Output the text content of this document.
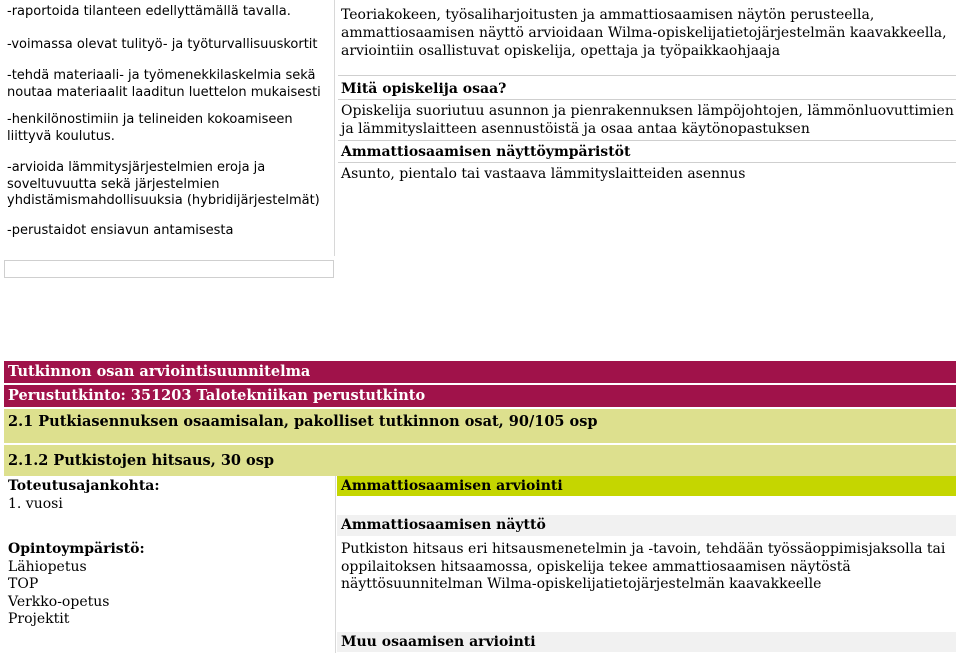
-raportoida tilanteen edellyttämällä tavalla.

-voimassa olevat tulityö- ja työturvallisuuskortit

-tehdä materiaali- ja työmenekkilaskelmia sekä noutaa materiaalit laaditun luettelon mukaisesti

-henkilönostimiin ja telineiden kokoamiseen liittyvä koulutus.

-arvioida lämmitysjärjestelmien eroja ja soveltuvuutta sekä järjestelmien yhdistämismahdollisuuksia (hybridijärjestelmät)

-perustaidot ensiavun antamisesta

Teoriakokeen, työsaliharjoitusten ja ammattiosaamisen näytön perusteella, ammattiosaamisen näyttö arvioidaan Wilma-opiskelijatietojärjestelmän kaavakkeella, arviointiin osallistuvat opiskelija, opettaja ja työpaikkaohjaaja

Mitä opiskelija osaa?

Opiskelija suoriutuu asunnon ja pienrakennuksen lämpöjohtojen, lämmönluovuttimien ja lämmityslaitteen asennustöistä ja osaa antaa käytönopastuksen

Ammattiosaamisen näyttöympäristöt

Asunto, pientalo tai vastaava lämmityslaitteiden asennus

Tutkinnon osan arviointisuunnitelma
Perustutkinto: 351203 Talotekniikan perustutkinto
2.1 Putkiasennuksen osaamisalan, pakolliset tutkinnon osat, 90/105 osp
2.1.2 Putkistojen hitsaus, 30 osp
Toteutusajankohta:
1. vuosi
Opintoympäristö:
Lähiopetus
TOP
Verkko-opetus
Projektit
Ammattiosaamisen arviointi
Ammattiosaamisen näyttö
Putkiston hitsaus eri hitsausmenetelmin ja -tavoin, tehdään työssäoppimisjaksolla tai oppilaitoksen hitsaamossa, opiskelija tekee ammattiosaamisen näytöstä näyttösuunnitelman Wilma-opiskelijatietojärjestelmän kaavakkeelle
Muu osaamisen arviointi
